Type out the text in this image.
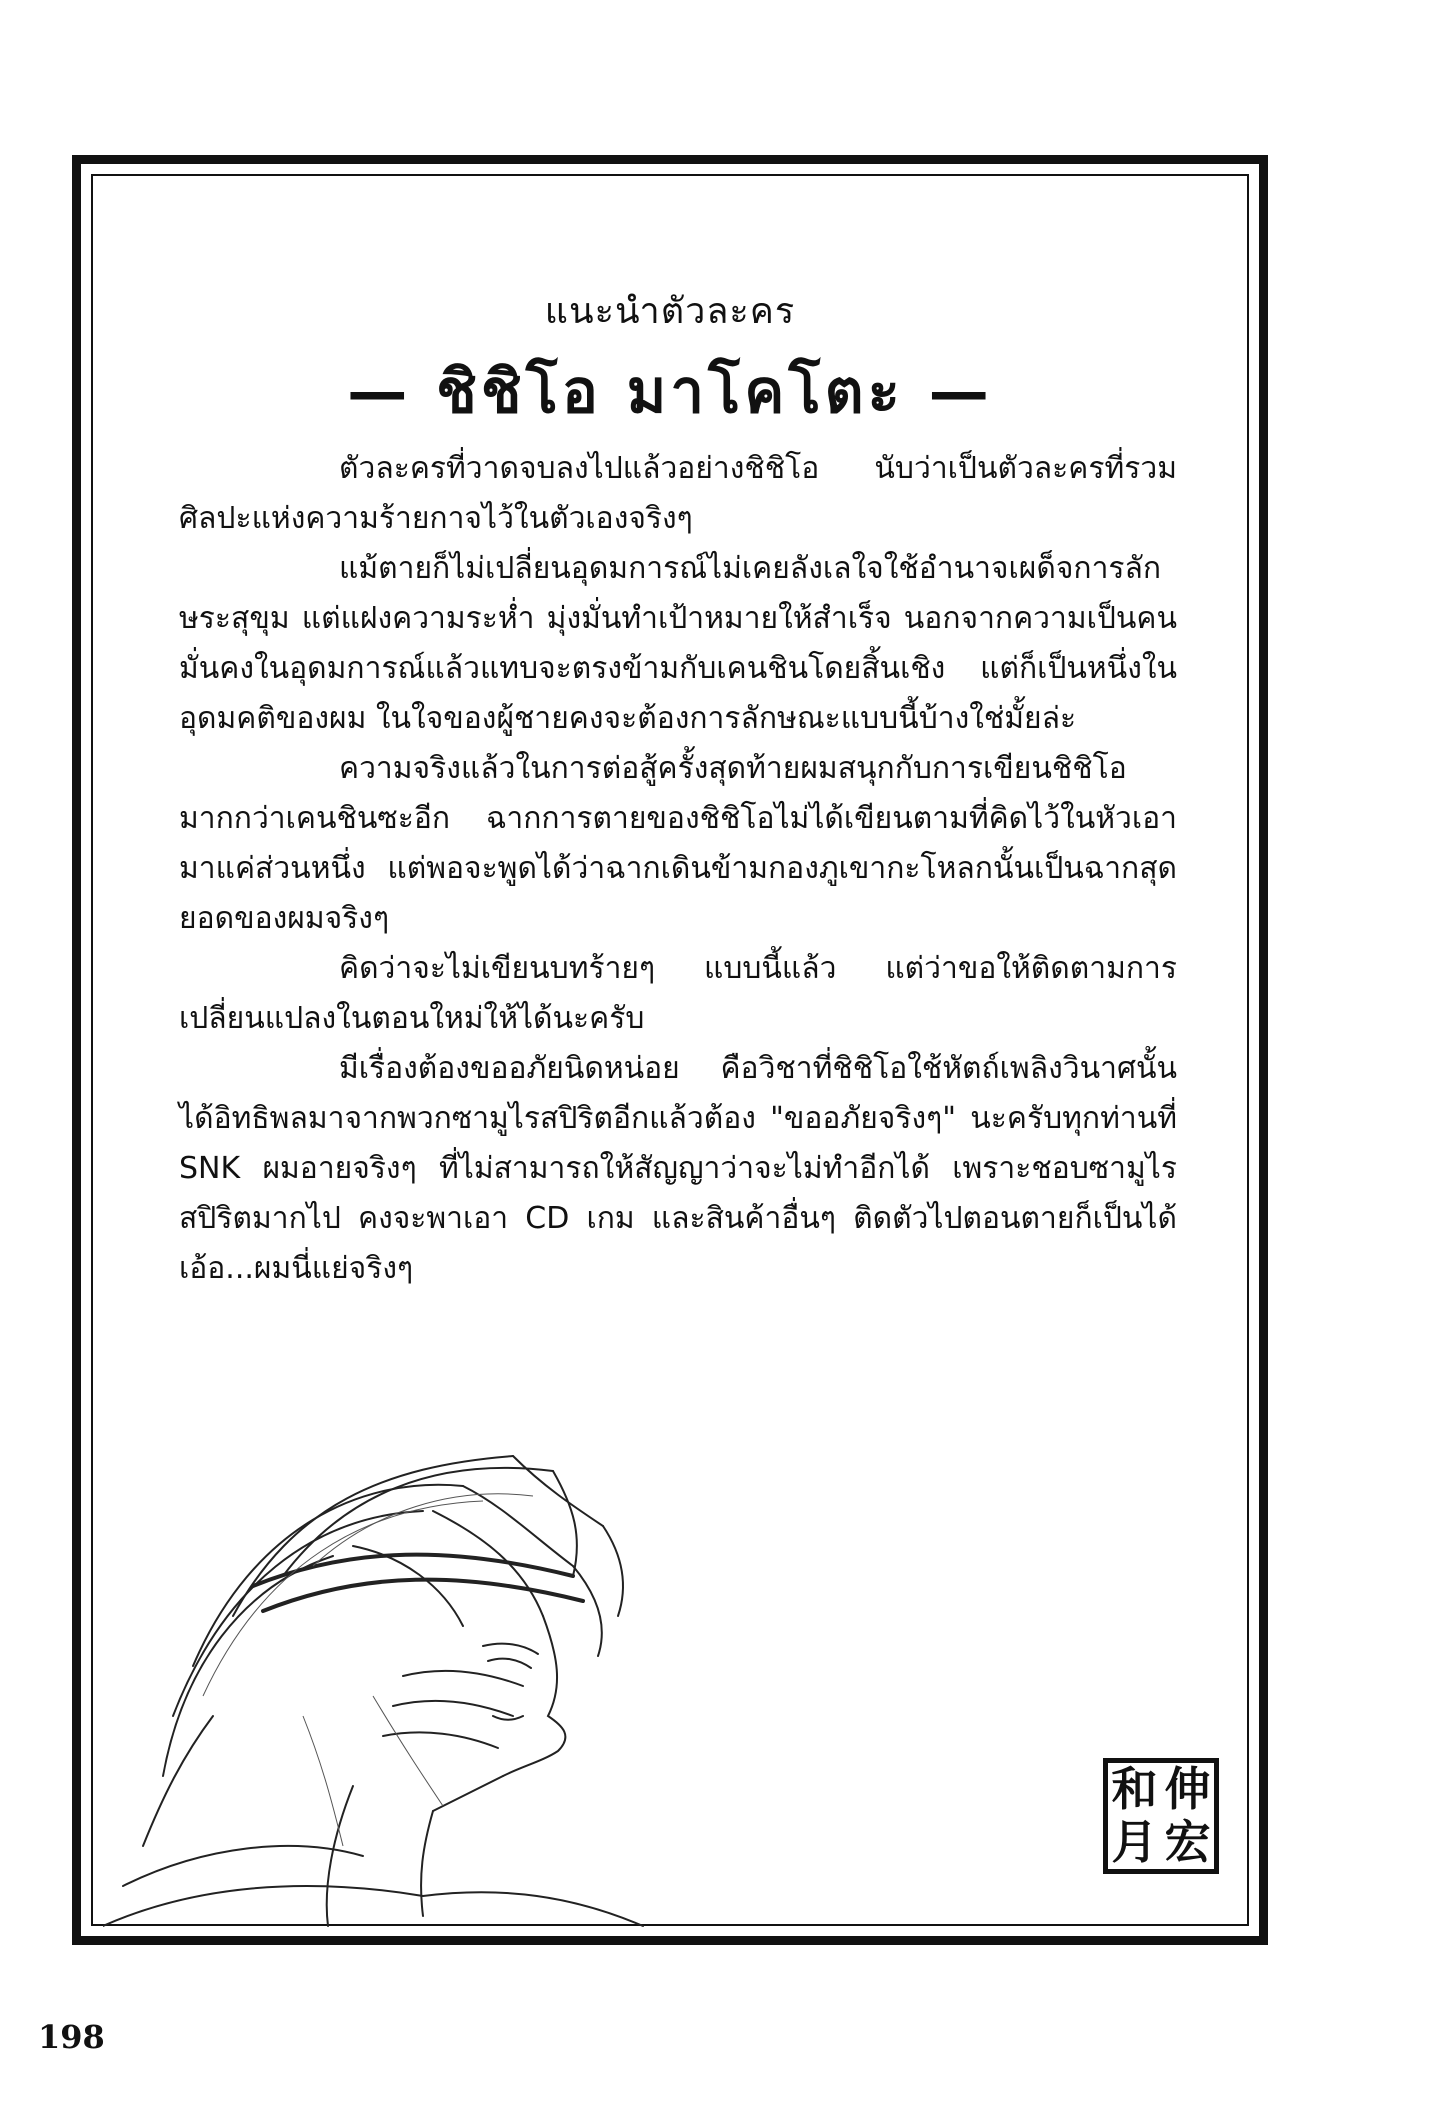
แนะนำตัวละคร
— ชิชิโอ มาโคโตะ —

ตัวละครที่วาดจบลงไปแล้วอย่างชิชิโอ นับว่าเป็นตัวละครที่รวมศิลปะแห่งความร้ายกาจไว้ในตัวเองจริงๆ

แม้ตายก็ไม่เปลี่ยนอุดมการณ์ไม่เคยลังเลใจใช้อำนาจเผด็จการลักษระสุขุม แต่แฝงความระห่ำ มุ่งมั่นทำเป้าหมายให้สำเร็จ นอกจากความเป็นคนมั่นคงในอุดมการณ์แล้วแทบจะตรงข้ามกับเคนชินโดยสิ้นเชิง แต่ก็เป็นหนึ่งในอุดมคติของผม ในใจของผู้ชายคงจะต้องการลักษณะแบบนี้บ้างใช่มั้ยล่ะ

ความจริงแล้วในการต่อสู้ครั้งสุดท้ายผมสนุกกับการเขียนชิชิโอมากกว่าเคนชินซะอีก ฉากการตายของชิชิโอไม่ได้เขียนตามที่คิดไว้ในหัวเอามาแค่ส่วนหนึ่ง แต่พอจะพูดได้ว่าฉากเดินข้ามกองภูเขากะโหลกนั้นเป็นฉากสุดยอดของผมจริงๆ

คิดว่าจะไม่เขียนบทร้ายๆ แบบนี้แล้ว แต่ว่าขอให้ติดตามการเปลี่ยนแปลงในตอนใหม่ให้ได้นะครับ

มีเรื่องต้องขออภัยนิดหน่อย คือวิชาที่ชิชิโอใช้หัตถ์เพลิงวินาศนั้นได้อิทธิพลมาจากพวกซามูไรสปิริตอีกแล้วต้อง "ขออภัยจริงๆ" นะครับทุกท่านที่ SNK ผมอายจริงๆ ที่ไม่สามารถให้สัญญาว่าจะไม่ทำอีกได้ เพราะชอบซามูไรสปิริตมากไป คงจะพาเอา CD เกม และสินค้าอื่นๆ ติดตัวไปตอนตายก็เป็นได้ เอ้อ...ผมนี่แย่จริงๆ

和 伸
月 宏
198
